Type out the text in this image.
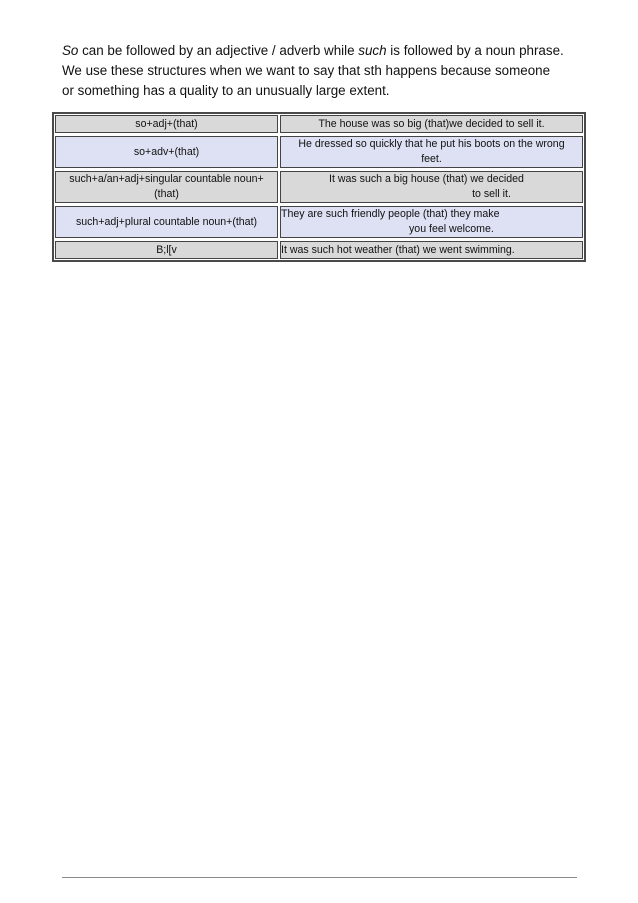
So can be followed by an adjective / adverb while such is followed by a noun phrase.
We use these structures when we want to say that sth happens because someone
or something has a quality to an unusually large extent.
so+adj+(that)	The house was so big (that)we decided to sell it.
so+adv+(that)
He dressed so quickly that he put his boots on the wrong
feet.
such+a/an+adj+singular countable noun+
(that)
It was such a big house (that) we decided
to sell it.
such+adj+plural countable noun+(that)
They are such friendly people (that) they make
you feel welcome.
B;l[v	It was such hot weather (that) we went swimming.
